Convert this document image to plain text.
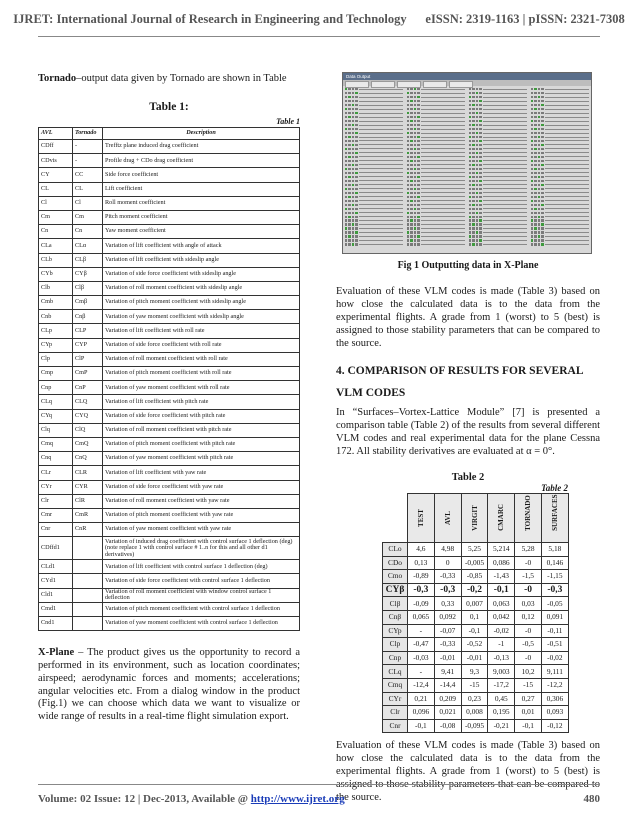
IJRET: International Journal of Research in Engineering and Technology eISSN: 2319-1163 | pISSN: 2321-7308

Tornado–output data given by Tornado are shown in Table

Table 1:
Table 1
AVL	Tornado	Description
CDff	-	Trefftz plane induced drag coefficient
CDvis	-	Profile drag + CDo drag coefficient
CY	CC	Side force coefficient
CL	CL	Lift coefficient
Cl	Cl	Roll moment coefficient
Cm	Cm	Pitch moment coefficient
Cn	Cn	Yaw moment coefficient
CLa	CLα	Variation of lift coefficient with angle of attack
CLb	CLβ	Variation of lift coefficient with sideslip angle
CYb	CYβ	Variation of side force coefficient with sideslip angle
Clb	Clβ	Variation of roll moment coefficient with sideslip angle
Cmb	Cmβ	Variation of pitch moment coefficient with sideslip angle
Cnb	Cnβ	Variation of yaw moment coefficient with sideslip angle
CLp	CLP	Variation of lift coefficient with roll rate
CYp	CYP	Variation of side force coefficient with roll rate
Clp	ClP	Variation of roll moment coefficient with roll rate
Cmp	CmP	Variation of pitch moment coefficient with roll rate
Cnp	CnP	Variation of yaw moment coefficient with roll rate
CLq	CLQ	Variation of lift coefficient with pitch rate
CYq	CYQ	Variation of side force coefficient with pitch rate
Clq	ClQ	Variation of roll moment coefficient with pitch rate
Cmq	CmQ	Variation of pitch moment coefficient with pitch rate
Cnq	CnQ	Variation of yaw moment coefficient with pitch rate
CLr	CLR	Variation of lift coefficient with yaw rate
CYr	CYR	Variation of side force coefficient with yaw rate
Clr	ClR	Variation of roll moment coefficient with yaw rate
Cmr	CmR	Variation of pitch moment coefficient with yaw rate
Cnr	CnR	Variation of yaw moment coefficient with yaw rate
CDffd1		Variation of induced drag coefficient with control surface 1 deflection (deg) (note replace 1 with control surface # 1..n for this and all other d1 derivatives)
CLd1		Variation of lift coefficient with control surface 1 deflection (deg)
CYd1		Variation of side force coefficient with control surface 1 deflection
Cld1		Variation of roll moment coefficient with window control surface 1 deflection
Cmd1		Variation of pitch moment coefficient with control surface 1 deflection
Cnd1		Variation of yaw moment coefficient with control surface 1 deflection

X-Plane – The product gives us the opportunity to record a performed in its environment, such as location coordinates; airspeed; aerodynamic forces and moments; accelerations; angular velocities etc. From a dialog window in the product (Fig.1) we can choose which data we want to visualize or wide range of results in a real-time flight simulation export.

Data Output
Fig 1 Outputting data in X-Plane

Evaluation of these VLM codes is made (Table 3) based on how close the calculated data is to the data from the experimental flights. A grade from 1 (worst) to 5 (best) is assigned to those stability parameters that can be compared to the source.

4. COMPARISON OF RESULTS FOR SEVERAL VLM CODES

In “Surfaces–Vortex-Lattice Module” [7] is presented a comparison table (Table 2) of the results from several different VLM codes and real experimental data for the plane Cessna 172. All stability derivatives are evaluated at α = 0°.

Table 2
Table 2

	TEST	AVL	VIRGIT	CMARC	TORNADO	SURFACES

CLo	4,6	4,98	5,25	5,214	5,28	5,18
CDo	0,13	0	-0,005	0,086	-0	0,146
Cmo	-0,89	-0,33	-0,85	-1,43	-1,5	-1,15
CYβ	-0,3	-0,3	-0,2	-0,1	-0	-0,3
Clβ	-0,09	0,33	0,007	0,063	0,03	-0,05
Cnβ	0,065	0,092	0,1	0,042	0,12	0,091
CYp	-	-0,07	-0,1	-0,02	-0	-0,11
Clp	-0,47	-0,33	-0,52	-1	-0,5	-0,51
Cnp	-0,03	-0,01	-0,01	-0,13	-0	-0,02
CLq	-	9,41	9,3	9,003	10,2	9,111
Cmq	-12,4	-14,4	-15	-17,2	-15	-12,2
CYr	0,21	0,209	0,23	0,45	0,27	0,306
Clr	0,096	0,021	0,008	0,195	0,01	0,093
Cnr	-0,1	-0,08	-0,095	-0,21	-0,1	-0,12

Evaluation of these VLM codes is made (Table 3) based on how close the calculated data is to the data from the experimental flights. A grade from 1 (worst) to 5 (best) is assigned to those stability parameters that can be compared to the source.

Volume: 02 Issue: 12 | Dec-2013, Available @ http://www.ijret.org	480
